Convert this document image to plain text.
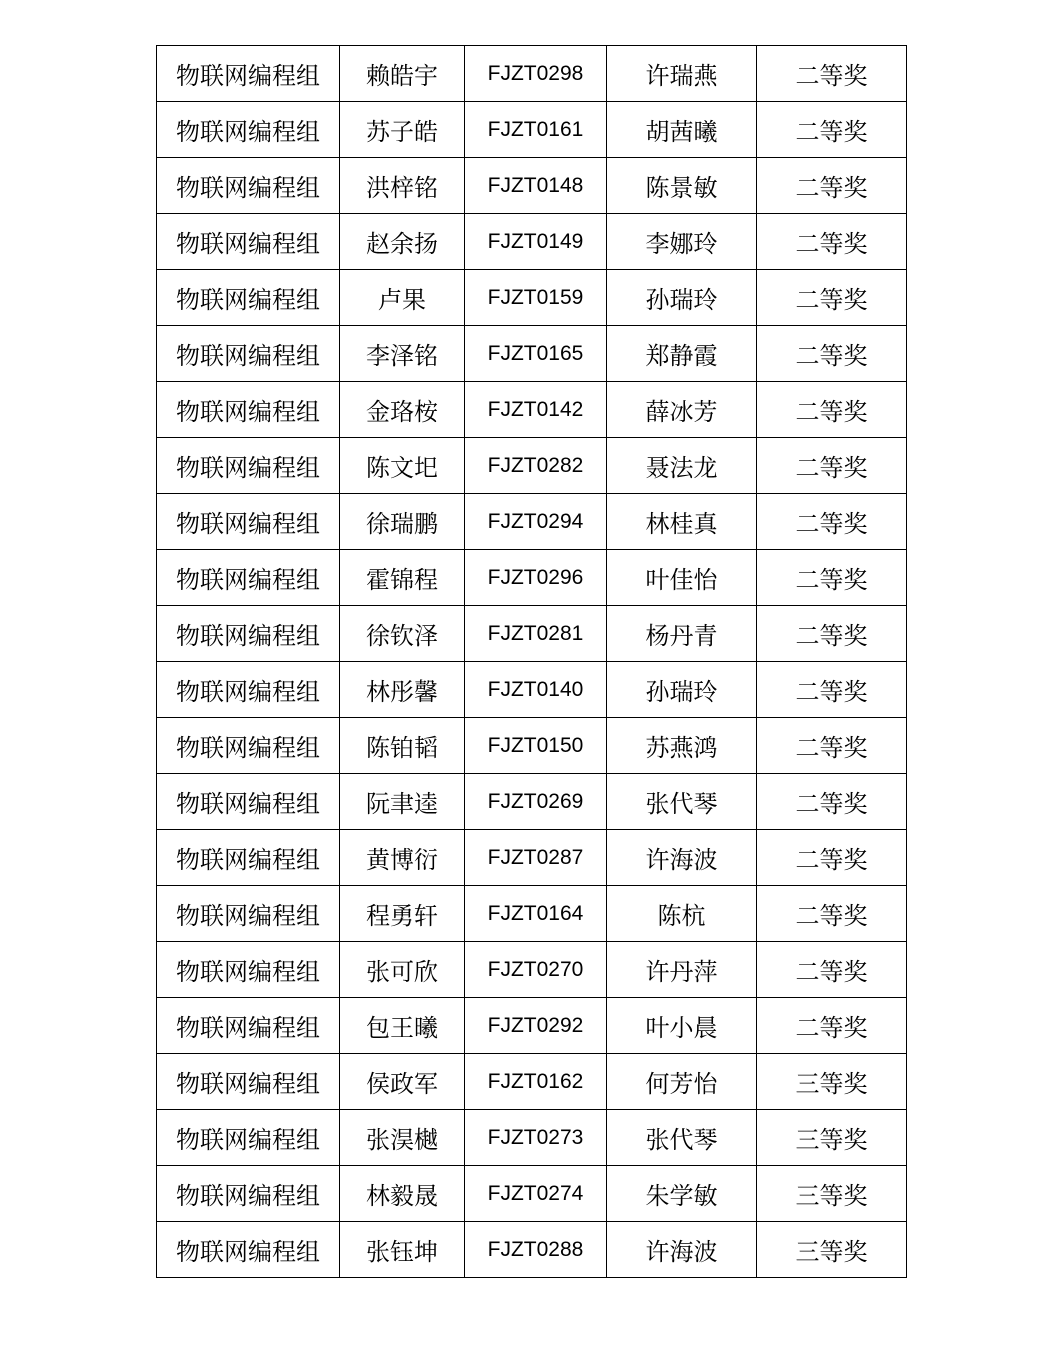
物联网编程组	赖皓宇	FJZT0298	许瑞燕	二等奖
物联网编程组	苏子皓	FJZT0161	胡茜曦	二等奖
物联网编程组	洪梓铭	FJZT0148	陈景敏	二等奖
物联网编程组	赵余扬	FJZT0149	李娜玲	二等奖
物联网编程组	卢果	FJZT0159	孙瑞玲	二等奖
物联网编程组	李泽铭	FJZT0165	郑静霞	二等奖
物联网编程组	金珞桉	FJZT0142	薛冰芳	二等奖
物联网编程组	陈文圯	FJZT0282	聂法龙	二等奖
物联网编程组	徐瑞鹏	FJZT0294	林桂真	二等奖
物联网编程组	霍锦程	FJZT0296	叶佳怡	二等奖
物联网编程组	徐钦泽	FJZT0281	杨丹青	二等奖
物联网编程组	林彤馨	FJZT0140	孙瑞玲	二等奖
物联网编程组	陈铂韬	FJZT0150	苏燕鸿	二等奖
物联网编程组	阮聿逵	FJZT0269	张代琴	二等奖
物联网编程组	黄博衍	FJZT0287	许海波	二等奖
物联网编程组	程勇轩	FJZT0164	陈杭	二等奖
物联网编程组	张可欣	FJZT0270	许丹萍	二等奖
物联网编程组	包王曦	FJZT0292	叶小晨	二等奖
物联网编程组	侯政军	FJZT0162	何芳怡	三等奖
物联网编程组	张淏樾	FJZT0273	张代琴	三等奖
物联网编程组	林毅晟	FJZT0274	朱学敏	三等奖
物联网编程组	张钰坤	FJZT0288	许海波	三等奖
